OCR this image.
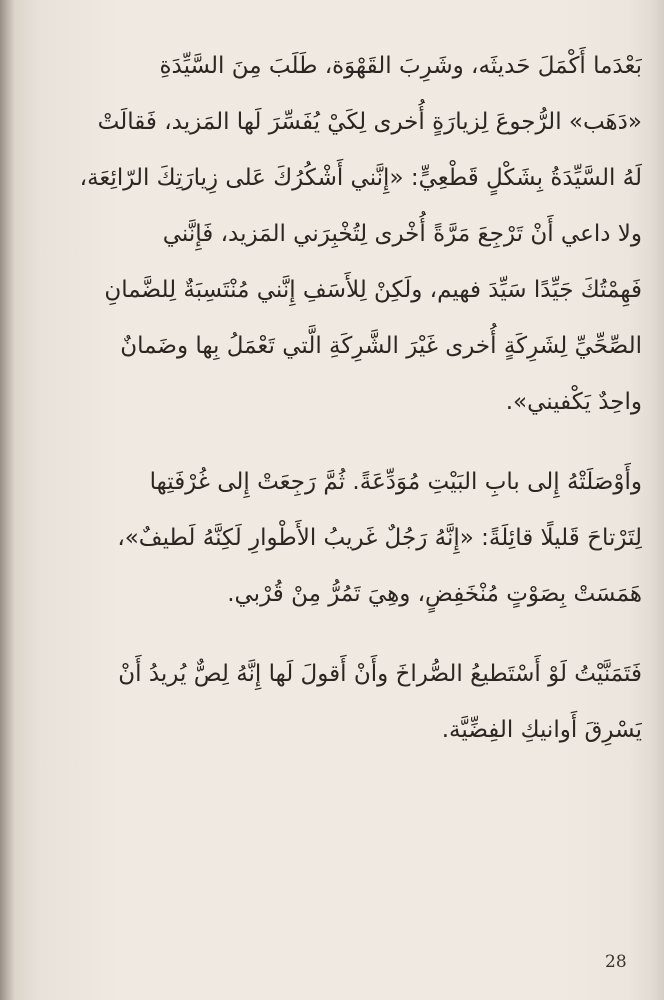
بَعْدَما أَكْمَلَ حَديثَه، وشَرِبَ القَهْوَة، طَلَبَ مِنَ السَّيِّدَةِ
«دَهَب» الرُّجوعَ لِزيارَةٍ أُخرى لِكَيْ يُفَسِّرَ لَها المَزيد، فَقالَتْ
لَهُ السَّيِّدَةُ بِشَكْلٍ قَطْعِيٍّ: «إِنَّني أَشْكُرُكَ عَلى زِيارَتِكَ الرّائِعَة،
ولا داعي أَنْ تَرْجِعَ مَرَّةً أُخْرى لِتُخْبِرَني المَزيد، فَإِنَّني
فَهِمْتُكَ جَيِّدًا سَيِّدَ فهيم، ولَكِنْ لِلأَسَفِ إِنَّني مُنْتَسِبَةٌ لِلضَّمانِ
الصِّحِّيِّ لِشَرِكَةٍ أُخرى غَيْرَ الشَّرِكَةِ الَّتي تَعْمَلُ بِها وضَمانٌ
واحِدٌ يَكْفيني».
وأَوْصَلَتْهُ إِلى بابِ البَيْتِ مُوَدِّعَةً. ثُمَّ رَجِعَتْ إِلى غُرْفَتِها
لِتَرْتاحَ قَليلًا قائِلَةً: «إِنَّهُ رَجُلٌ غَريبُ الأَطْوارِ لَكِنَّهُ لَطيفٌ»،
هَمَسَتْ بِصَوْتٍ مُنْخَفِضٍ، وهِيَ تَمُرُّ مِنْ قُرْبي.
فَتَمَنَّيْتُ لَوْ أَسْتَطيعُ الصُّراخَ وأَنْ أَقولَ لَها إِنَّهُ لِصٌّ يُريدُ أَنْ
يَسْرِقَ أَوانيكِ الفِضِّيَّة.
28
